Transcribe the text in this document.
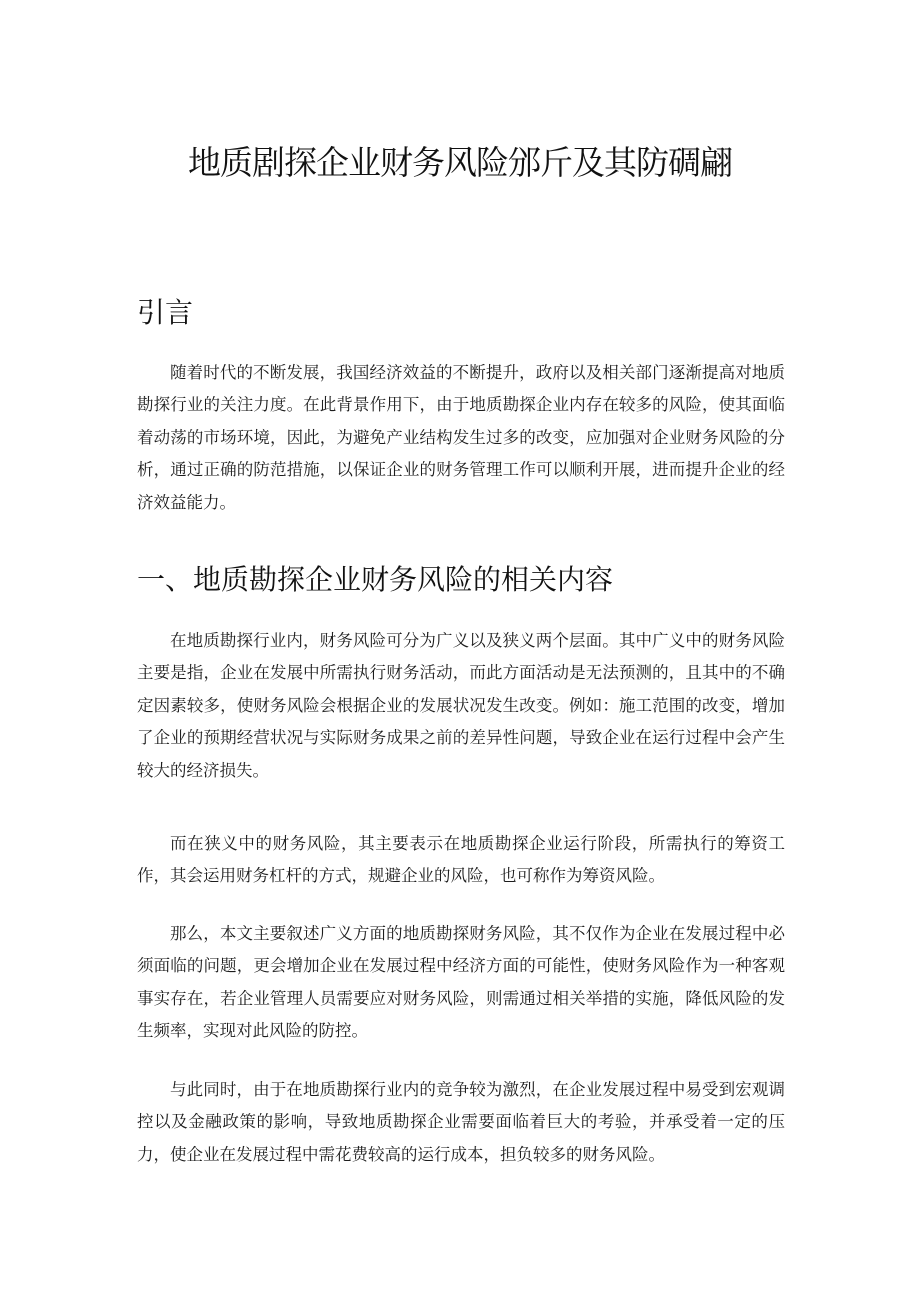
地质剧探企业财务风险邠斤及其防碉翩
引言

随着时代的不断发展，我国经济效益的不断提升，政府以及相关部门逐渐提高对地质勘探行业的关注力度。在此背景作用下，由于地质勘探企业内存在较多的风险，使其面临着动荡的市场环境，因此，为避免产业结构发生过多的改变，应加强对企业财务风险的分析，通过正确的防范措施，以保证企业的财务管理工作可以顺利开展，进而提升企业的经济效益能力。

一、地质勘探企业财务风险的相关内容

在地质勘探行业内，财务风险可分为广义以及狭义两个层面。其中广义中的财务风险主要是指，企业在发展中所需执行财务活动，而此方面活动是无法预测的，且其中的不确定因素较多，使财务风险会根据企业的发展状况发生改变。例如：施工范围的改变，增加了企业的预期经营状况与实际财务成果之前的差异性问题，导致企业在运行过程中会产生较大的经济损失。

而在狭义中的财务风险，其主要表示在地质勘探企业运行阶段，所需执行的筹资工作，其会运用财务杠杆的方式，规避企业的风险，也可称作为筹资风险。

那么，本文主要叙述广义方面的地质勘探财务风险，其不仅作为企业在发展过程中必须面临的问题，更会增加企业在发展过程中经济方面的可能性，使财务风险作为一种客观事实存在，若企业管理人员需要应对财务风险，则需通过相关举措的实施，降低风险的发生频率，实现对此风险的防控。

与此同时，由于在地质勘探行业内的竞争较为激烈，在企业发展过程中易受到宏观调控以及金融政策的影响，导致地质勘探企业需要面临着巨大的考验，并承受着一定的压力，使企业在发展过程中需花费较高的运行成本，担负较多的财务风险。
